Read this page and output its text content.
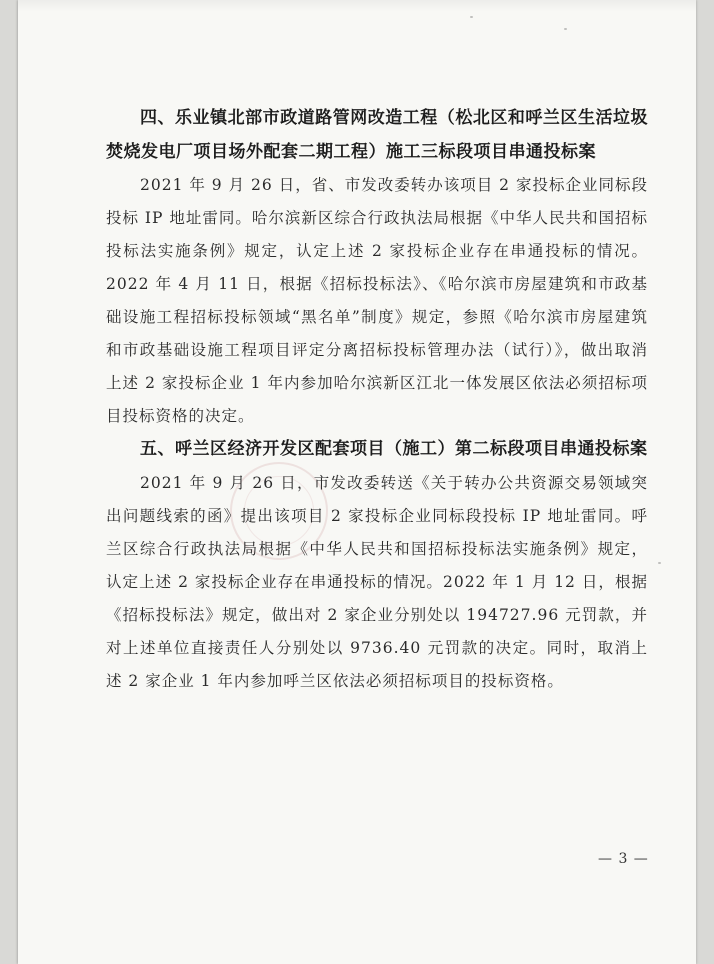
四、乐业镇北部市政道路管网改造工程（松北区和呼兰区生活垃圾焚烧发电厂项目场外配套二期工程）施工三标段项目串通投标案

2021 年 9 月 26 日，省、市发改委转办该项目 2 家投标企业同标段投标 IP 地址雷同。哈尔滨新区综合行政执法局根据《中华人民共和国招标投标法实施条例》规定，认定上述 2 家投标企业存在串通投标的情况。2022 年 4 月 11 日，根据《招标投标法》、《哈尔滨市房屋建筑和市政基础设施工程招标投标领域“黑名单”制度》规定，参照《哈尔滨市房屋建筑和市政基础设施工程项目评定分离招标投标管理办法（试行）》，做出取消上述 2 家投标企业 1 年内参加哈尔滨新区江北一体发展区依法必须招标项目投标资格的决定。

五、呼兰区经济开发区配套项目（施工）第二标段项目串通投标案

2021 年 9 月 26 日，市发改委转送《关于转办公共资源交易领域突出问题线索的函》提出该项目 2 家投标企业同标段投标 IP 地址雷同。呼兰区综合行政执法局根据《中华人民共和国招标投标法实施条例》规定，认定上述 2 家投标企业存在串通投标的情况。2022 年 1 月 12 日，根据《招标投标法》规定，做出对 2 家企业分别处以 194727.96 元罚款，并对上述单位直接责任人分别处以 9736.40 元罚款的决定。同时，取消上述 2 家企业 1 年内参加呼兰区依法必须招标项目的投标资格。

— 3 —
